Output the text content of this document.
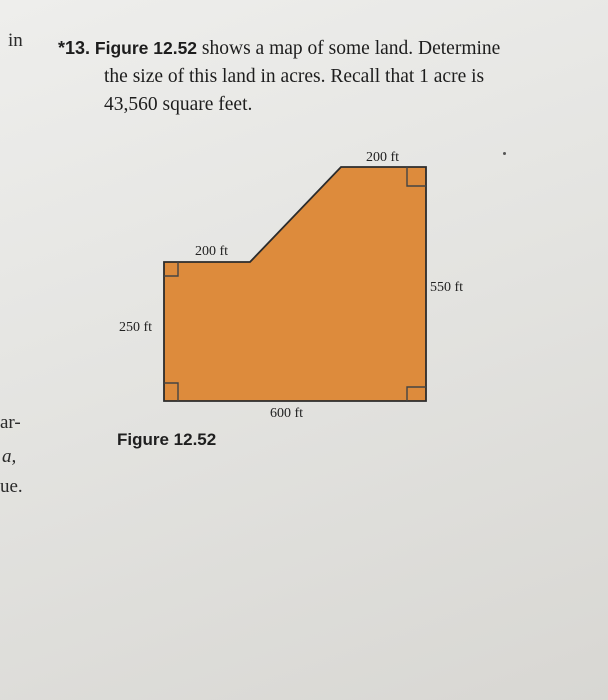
in
ar-
a,
ue.
*13. Figure 12.52 shows a map of some land. Determine
the size of this land in acres. Recall that 1 acre is
43,560 square feet.
200 ft
200 ft
550 ft
250 ft
600 ft
Figure 12.52
